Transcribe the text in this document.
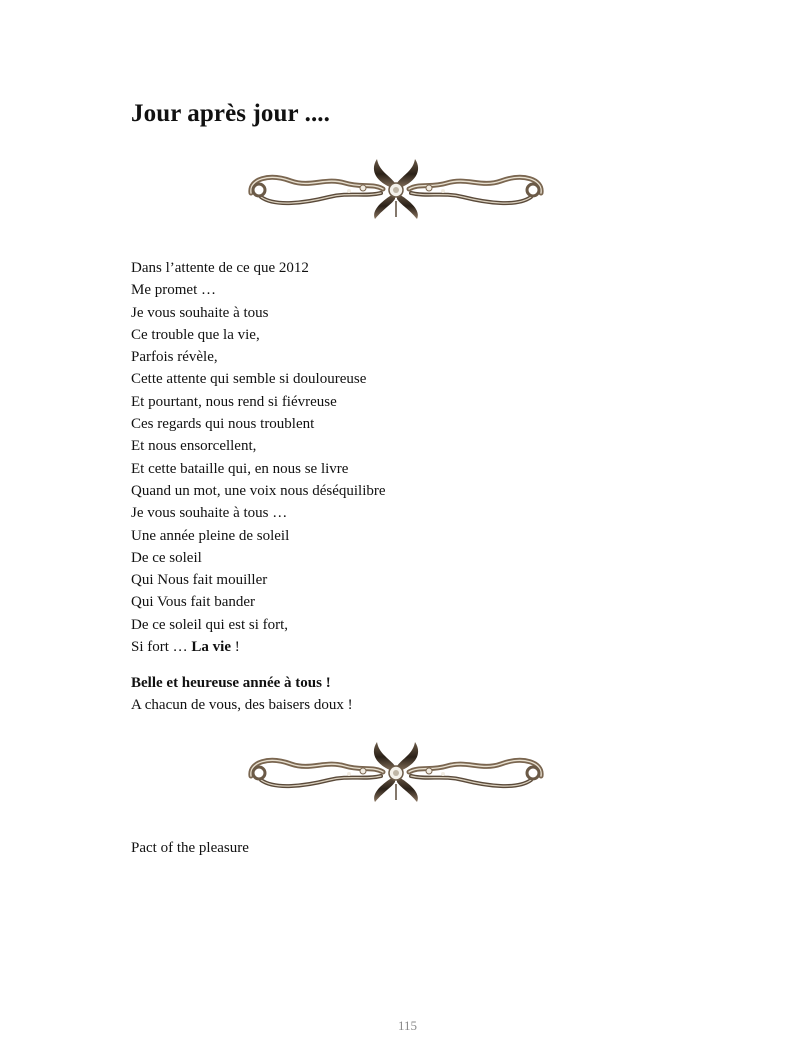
Jour après jour ....
Dans l’attente de ce que 2012
Me promet …
Je vous souhaite à tous
Ce trouble que la vie,
Parfois révèle,
Cette attente qui semble si douloureuse
Et pourtant, nous rend si fiévreuse
Ces regards qui nous troublent
Et nous ensorcellent,
Et cette bataille qui, en nous se livre
Quand un mot, une voix nous déséquilibre
Je vous souhaite à tous …
Une année pleine de soleil
De ce soleil
Qui Nous fait mouiller
Qui Vous fait bander
De ce soleil qui est si fort,
Si fort … La vie !
Belle et heureuse année à tous !
A chacun de vous, des baisers doux !
Pact of the pleasure
115
